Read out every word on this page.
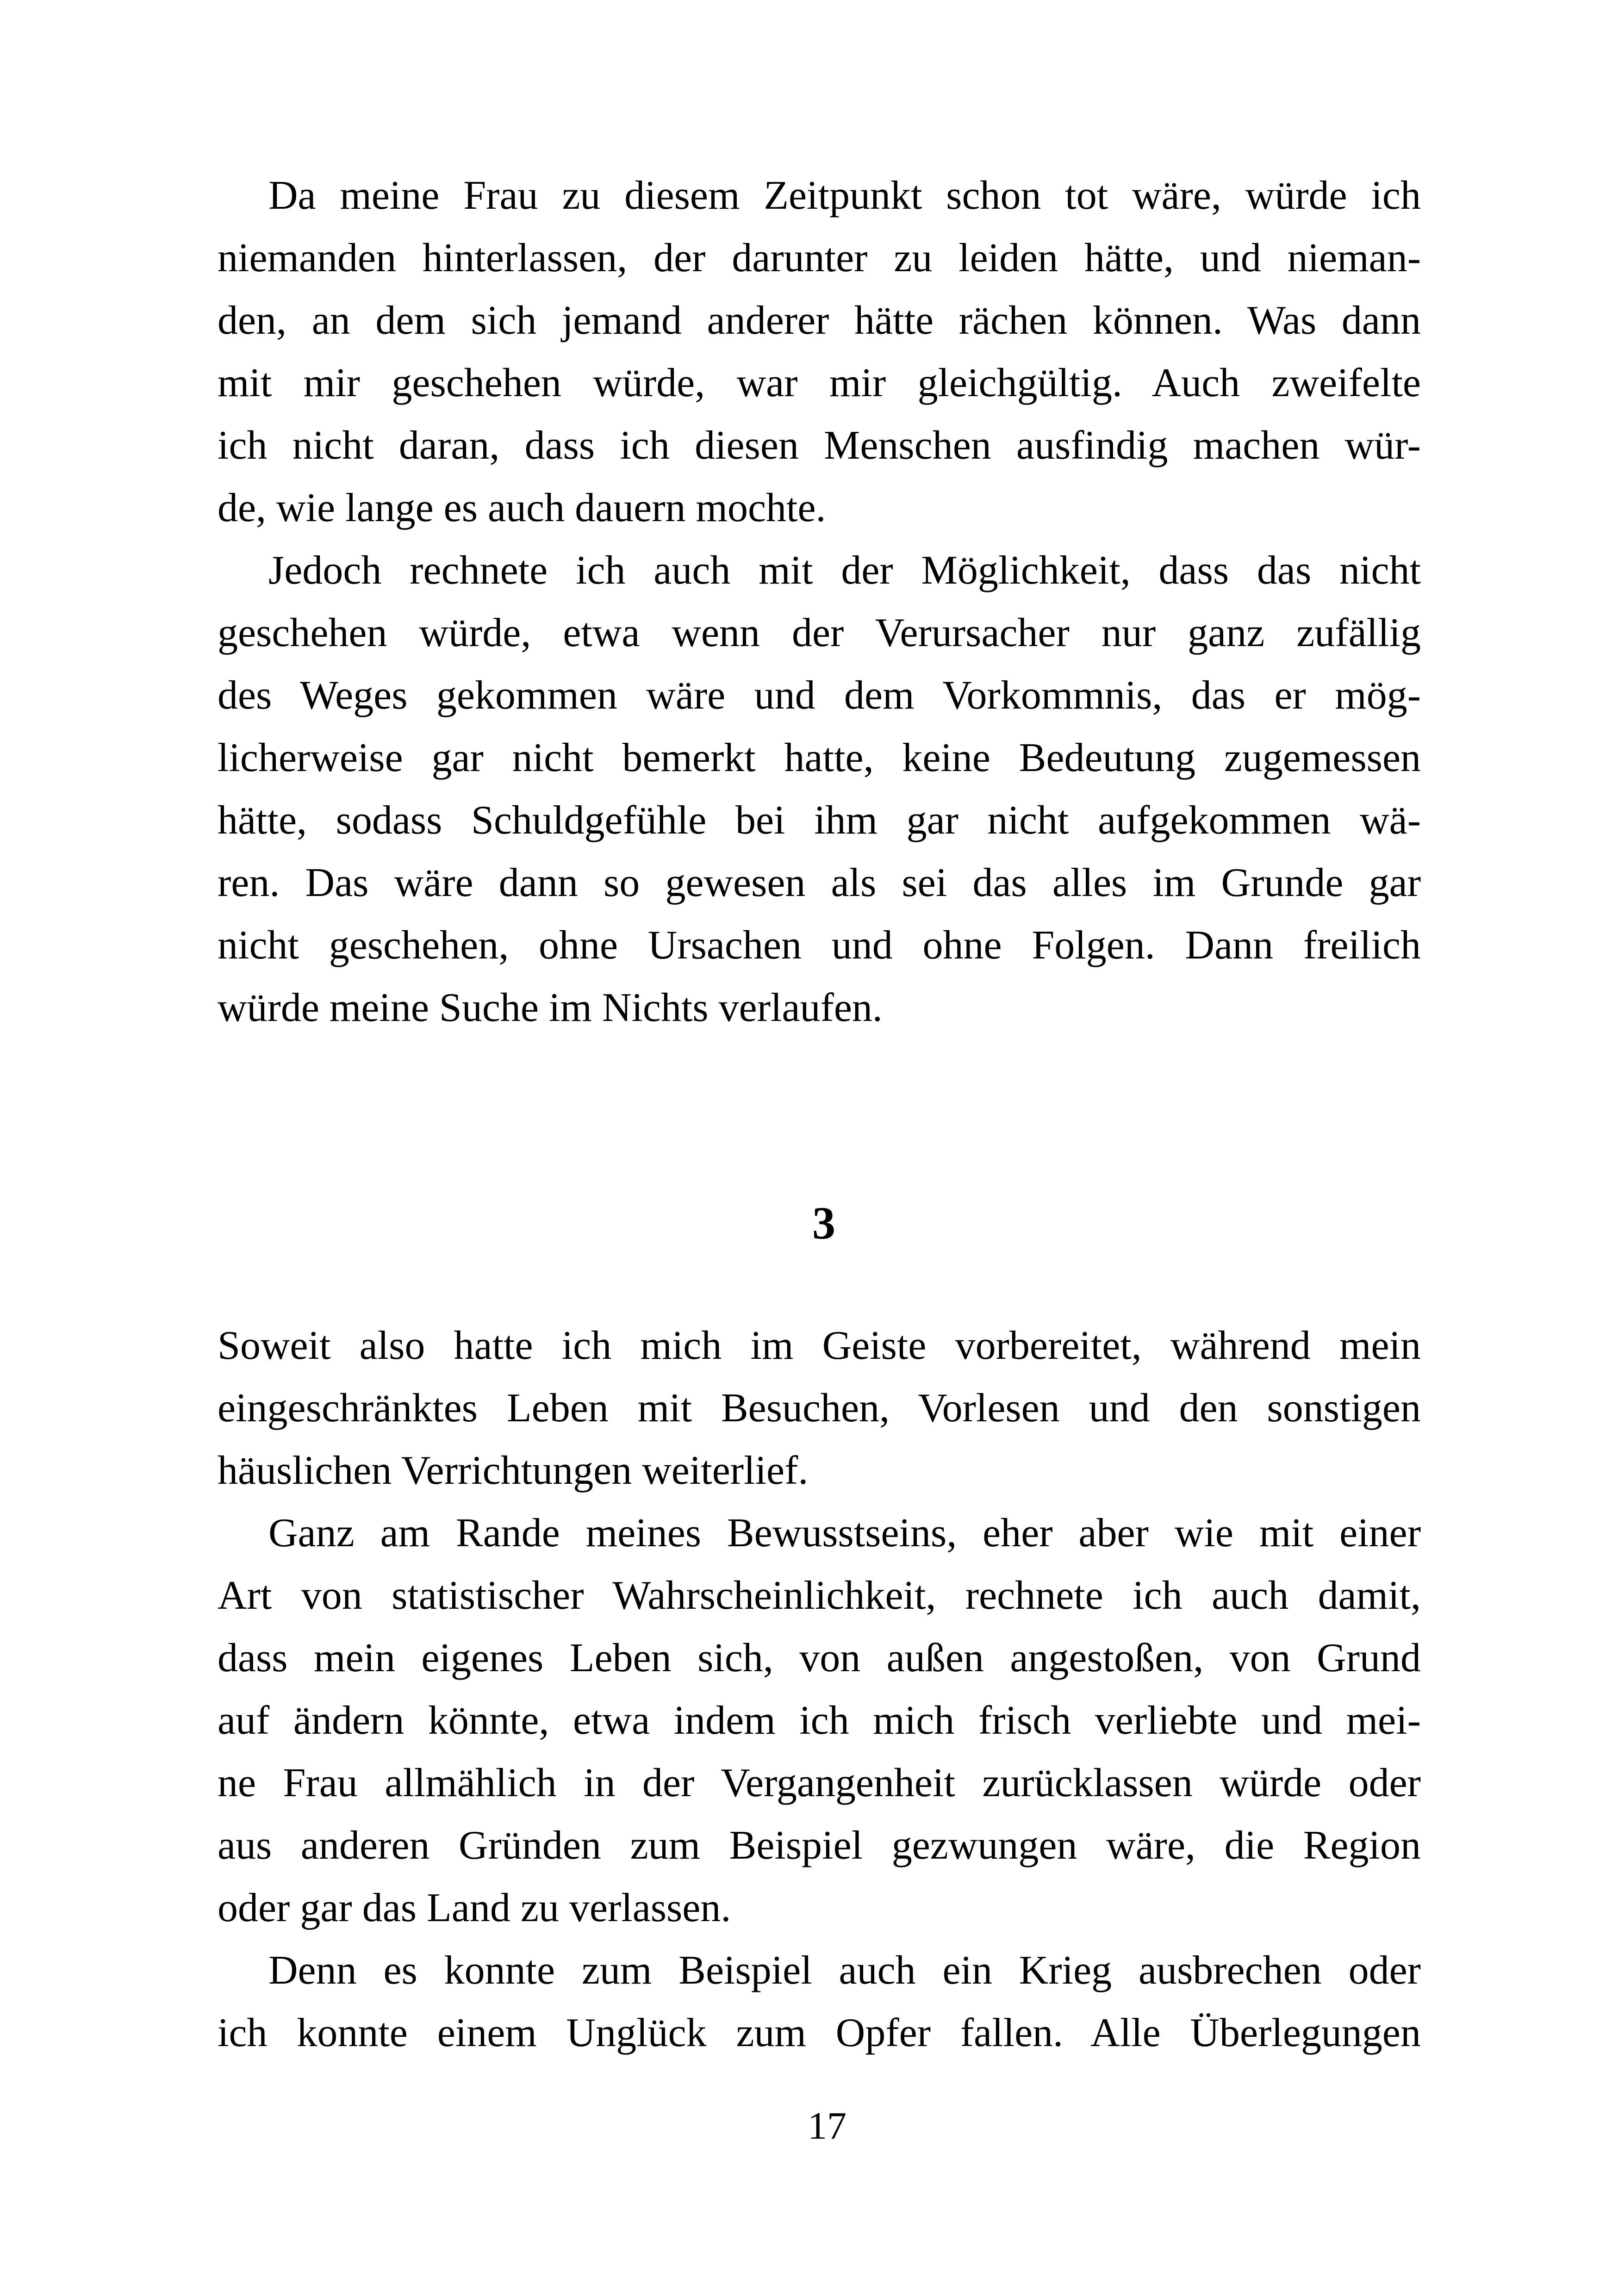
Da meine Frau zu diesem Zeitpunkt schon tot wäre, würde ich
niemanden hinterlassen, der darunter zu leiden hätte, und nieman-
den, an dem sich jemand anderer hätte rächen können. Was dann
mit mir geschehen würde, war mir gleichgültig. Auch zweifelte
ich nicht daran, dass ich diesen Menschen ausfindig machen wür-
de, wie lange es auch dauern mochte.
Jedoch rechnete ich auch mit der Möglichkeit, dass das nicht
geschehen würde, etwa wenn der Verursacher nur ganz zufällig
des Weges gekommen wäre und dem Vorkommnis, das er mög-
licherweise gar nicht bemerkt hatte, keine Bedeutung zugemessen
hätte, sodass Schuldgefühle bei ihm gar nicht aufgekommen wä-
ren. Das wäre dann so gewesen als sei das alles im Grunde gar
nicht geschehen, ohne Ursachen und ohne Folgen. Dann freilich
würde meine Suche im Nichts verlaufen.
3
Soweit also hatte ich mich im Geiste vorbereitet, während mein
eingeschränktes Leben mit Besuchen, Vorlesen und den sonstigen
häuslichen Verrichtungen weiterlief.
Ganz am Rande meines Bewusstseins, eher aber wie mit einer
Art von statistischer Wahrscheinlichkeit, rechnete ich auch damit,
dass mein eigenes Leben sich, von außen angestoßen, von Grund
auf ändern könnte, etwa indem ich mich frisch verliebte und mei-
ne Frau allmählich in der Vergangenheit zurücklassen würde oder
aus anderen Gründen zum Beispiel gezwungen wäre, die Region
oder gar das Land zu verlassen.
Denn es konnte zum Beispiel auch ein Krieg ausbrechen oder
ich konnte einem Unglück zum Opfer fallen. Alle Überlegungen
17
